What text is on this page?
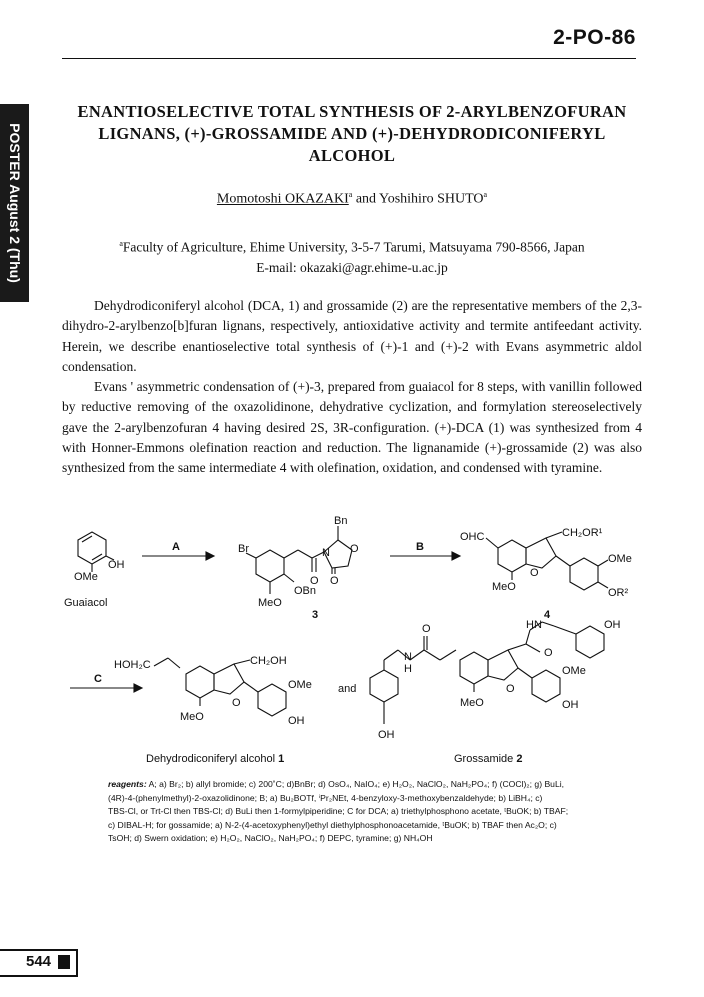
2-PO-86
POSTER August 2 (Thu)
ENANTIOSELECTIVE TOTAL SYNTHESIS OF 2-ARYLBENZOFURAN
LIGNANS, (+)-GROSSAMIDE AND (+)-DEHYDRODICONIFERYL
ALCOHOL
Momotoshi OKAZAKI$^a$ and Yoshihiro SHUTO$^a$
$^a$Faculty of Agriculture, Ehime University, 3-5-7 Tarumi, Matsuyama 790-8566, Japan
E-mail: okazaki@agr.ehime-u.ac.jp

Dehydrodiconiferyl alcohol (DCA, 1) and grossamide (2) are the representative members of the 2,3-dihydro-2-arylbenzo[b]furan lignans, respectively, antioxidative activity and termite antifeedant activity. Herein, we describe enantioselective total synthesis of (+)-1 and (+)-2 with Evans asymmetric aldol condensation.

Evans ' asymmetric condensation of (+)-3, prepared from guaiacol for 8 steps, with vanillin followed by reductive removing of the oxazolidinone, dehydrative cyclization, and formylation stereoselectively gave the 2-arylbenzofuran 4 having desired 2S, 3R-configuration. (+)-DCA (1) was synthesized from 4 with Honner-Emmons olefination reaction and reduction. The lignanamide (+)-grossamide (2) was also synthesized from the same intermediate 4 with olefination, oxidation, and condensed with tyramine.

OMe
OH
Guaiacol
A
Bn
Br	N O
O O
OBn
MeO
3
B
OHC	CH₂OR¹
O
OMe
OR²
MeO
4
C
HOH₂C	CH₂OH
O
OMe
OH
MeO
and
O
N
H
HN
O
O
OMe
OH
OH
MeO
OH
Dehydrodiconiferyl alcohol 1	Grossamide 2
reagents: A; a) Br₂; b) allyl bromide; c) 200˚C; d)BnBr; d) OsO₄, NaIO₄; e) H₂O₂, NaClO₂, NaH₂PO₄; f) (COCl)₂; g) BuLi,
(4R)-4-(phenylmethyl)-2-oxazolidinone; B; a) Bu₂BOTf, ⁱPr₂NEt, 4-benzyloxy-3-methoxybenzaldehyde; b) LiBH₄; c)
TBS-Cl, or Trt-Cl then TBS-Cl; d) BuLi then 1-formylpiperidine; C for DCA; a) triethylphosphono acetate, ᵗBuOK; b) TBAF;
c) DIBAL-H; for gossamide; a) N-2-(4-acetoxyphenyl)ethyl diethylphosphonoacetamide, ᵗBuOK; b) TBAF then Ac₂O; c)
TsOH; d) Swern oxidation; e) H₂O₂, NaClO₂, NaH₂PO₄; f) DEPC, tyramine; g) NH₄OH
544
